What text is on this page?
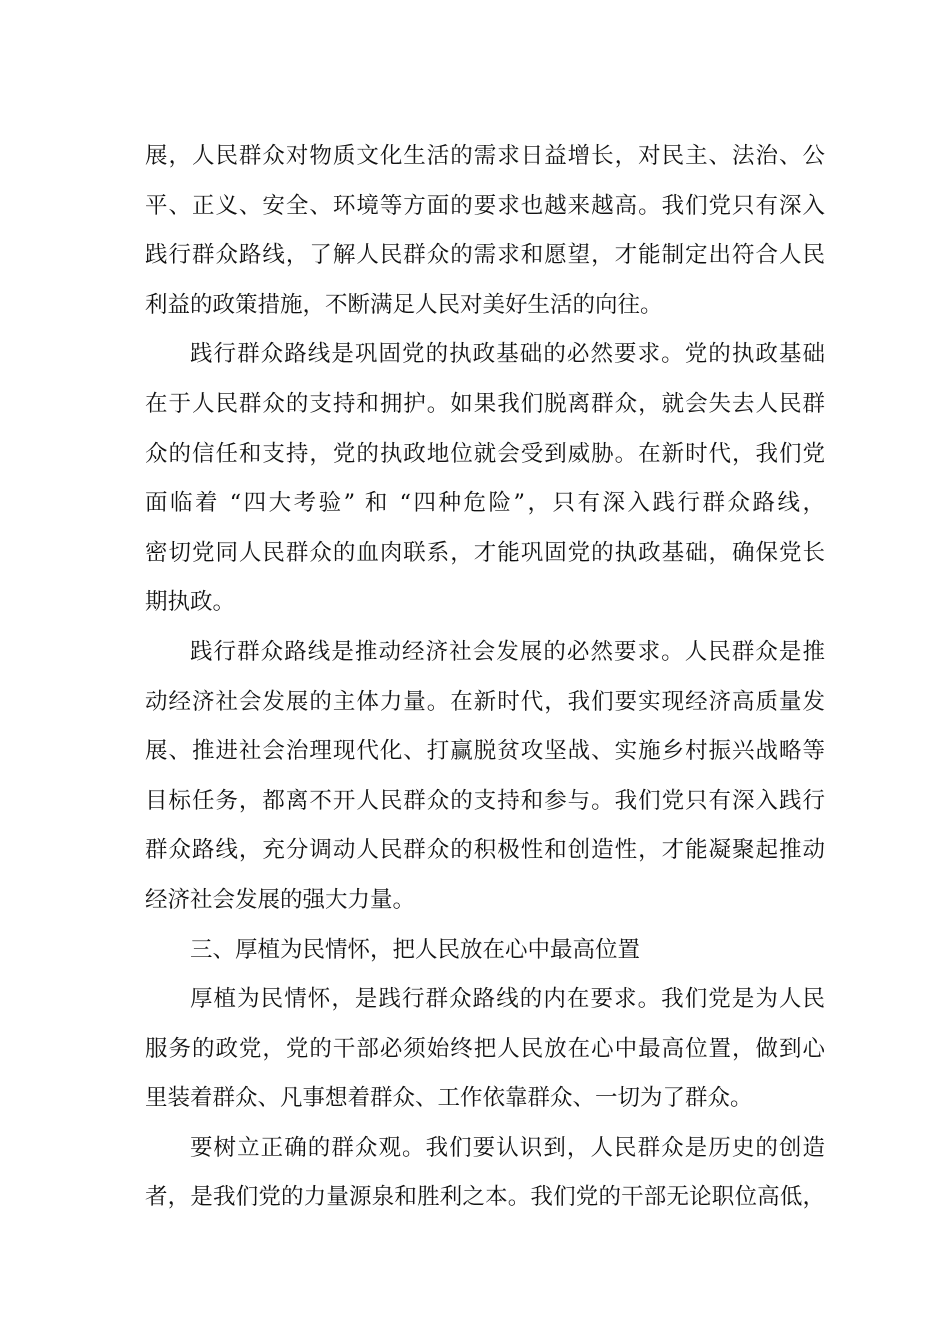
展，人民群众对物质文化生活的需求日益增长，对民主、法治、公
平、正义、安全、环境等方面的要求也越来越高。我们党只有深入
践行群众路线，了解人民群众的需求和愿望，才能制定出符合人民
利益的政策措施，不断满足人民对美好生活的向往。
践行群众路线是巩固党的执政基础的必然要求。党的执政基础
在于人民群众的支持和拥护。如果我们脱离群众，就会失去人民群
众的信任和支持，党的执政地位就会受到威胁。在新时代，我们党
面临着 “四大考验” 和 “四种危险”，只有深入践行群众路线，
密切党同人民群众的血肉联系，才能巩固党的执政基础，确保党长
期执政。
践行群众路线是推动经济社会发展的必然要求。人民群众是推
动经济社会发展的主体力量。在新时代，我们要实现经济高质量发
展、推进社会治理现代化、打赢脱贫攻坚战、实施乡村振兴战略等
目标任务，都离不开人民群众的支持和参与。我们党只有深入践行
群众路线，充分调动人民群众的积极性和创造性，才能凝聚起推动
经济社会发展的强大力量。
三、厚植为民情怀，把人民放在心中最高位置
厚植为民情怀，是践行群众路线的内在要求。我们党是为人民
服务的政党，党的干部必须始终把人民放在心中最高位置，做到心
里装着群众、凡事想着群众、工作依靠群众、一切为了群众。
要树立正确的群众观。我们要认识到，人民群众是历史的创造
者，是我们党的力量源泉和胜利之本。我们党的干部无论职位高低，
